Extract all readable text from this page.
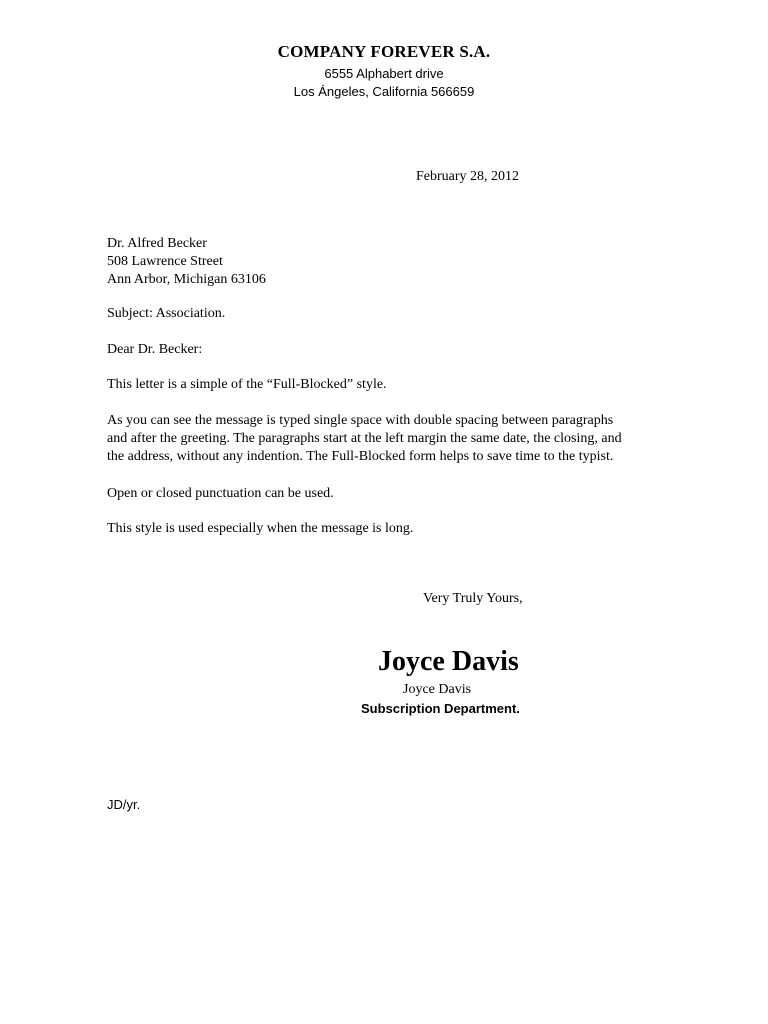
COMPANY FOREVER S.A.
6555 Alphabert drive
Los Ángeles, California 566659
February 28, 2012
Dr. Alfred Becker
508 Lawrence Street
Ann Arbor, Michigan 63106
Subject: Association.
Dear Dr. Becker:
This letter is a simple of the “Full-Blocked” style.
As you can see the message is typed single space with double spacing between paragraphs
and after the greeting. The paragraphs start at the left margin the same date, the closing, and
the address, without any indention. The Full-Blocked form helps to save time to the typist.
Open or closed punctuation can be used.
This style is used especially when the message is long.
Very Truly Yours,
Joyce Davis
Joyce Davis
Subscription Department.
JD/yr.
